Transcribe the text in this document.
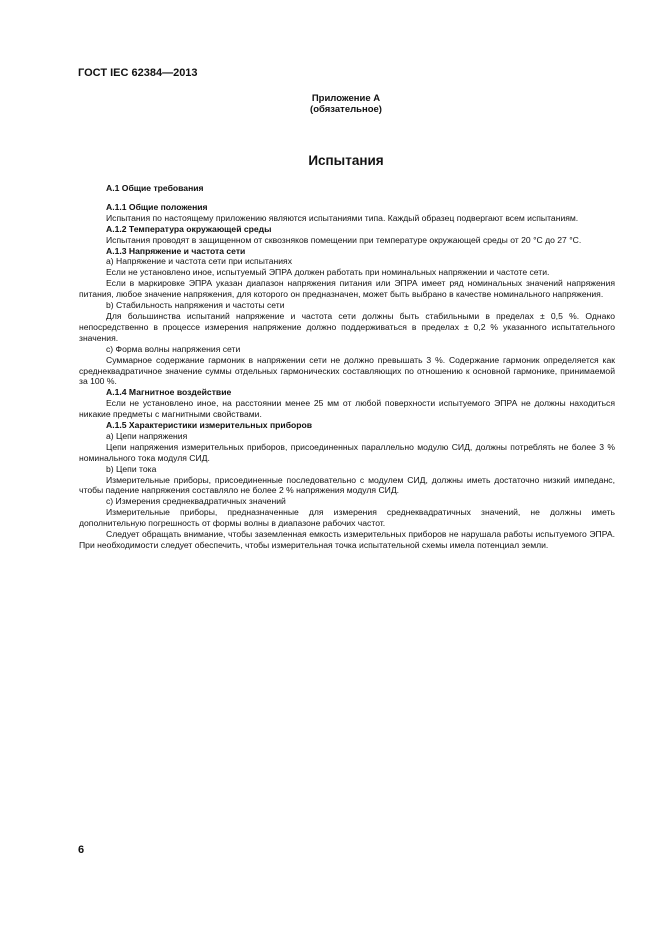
ГОСТ IEC 62384—2013
Приложение А
(обязательное)
Испытания

А.1 Общие требования

А.1.1 Общие положения

Испытания по настоящему приложению являются испытаниями типа. Каждый образец подвергают всем испытаниям.

А.1.2 Температура окружающей среды

Испытания проводят в защищенном от сквозняков помещении при температуре окружающей среды от 20 °С до 27 °С.

А.1.3 Напряжение и частота сети

а) Напряжение и частота сети при испытаниях

Если не установлено иное, испытуемый ЭПРА должен работать при номинальных напряжении и частоте сети.

Если в маркировке ЭПРА указан диапазон напряжения питания или ЭПРА имеет ряд номинальных значений напряжения питания, любое значение напряжения, для которого он предназначен, может быть выбрано в качестве номинального напряжения.

b) Стабильность напряжения и частоты сети

Для большинства испытаний напряжение и частота сети должны быть стабильными в пределах ± 0,5 %. Однако непосредственно в процессе измерения напряжение должно поддерживаться в пределах ± 0,2 % указанного испытательного значения.

с) Форма волны напряжения сети

Суммарное содержание гармоник в напряжении сети не должно превышать 3 %. Содержание гармоник определяется как среднеквадратичное значение суммы отдельных гармонических составляющих по отношению к основной гармонике, принимаемой за 100 %.

А.1.4 Магнитное воздействие

Если не установлено иное, на расстоянии менее 25 мм от любой поверхности испытуемого ЭПРА не должны находиться никакие предметы с магнитными свойствами.

А.1.5 Характеристики измерительных приборов

а) Цепи напряжения

Цепи напряжения измерительных приборов, присоединенных параллельно модулю СИД, должны потреблять не более 3 % номинального тока модуля СИД.

b) Цепи тока

Измерительные приборы, присоединенные последовательно с модулем СИД, должны иметь достаточно низкий импеданс, чтобы падение напряжения составляло не более 2 % напряжения модуля СИД.

с) Измерения среднеквадратичных значений

Измерительные приборы, предназначенные для измерения среднеквадратичных значений, не должны иметь дополнительную погрешность от формы волны в диапазоне рабочих частот.

Следует обращать внимание, чтобы заземленная емкость измерительных приборов не нарушала работы испытуемого ЭПРА. При необходимости следует обеспечить, чтобы измерительная точка испытательной схемы имела потенциал земли.

6
